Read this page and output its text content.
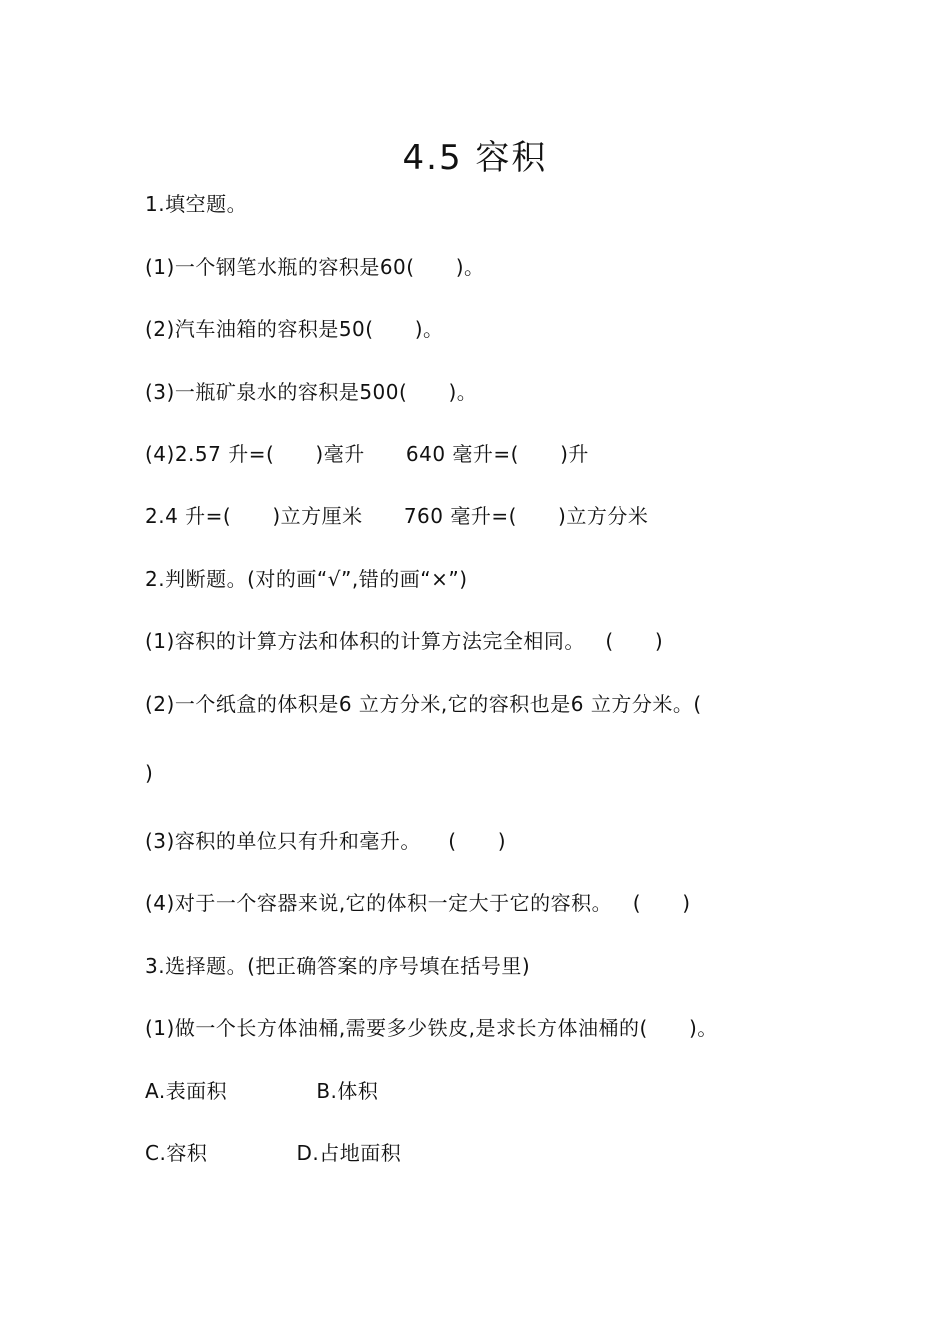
4.5 容积
1.填空题。
(1)一个钢笔水瓶的容积是60(      )。
(2)汽车油箱的容积是50(      )。
(3)一瓶矿泉水的容积是500(      )。
(4)2.57 升=(      )毫升      640 毫升=(      )升
2.4 升=(      )立方厘米      760 毫升=(      )立方分米
2.判断题。(对的画“√”,错的画“×”)
(1)容积的计算方法和体积的计算方法完全相同。   (      )
(2)一个纸盒的体积是6 立方分米,它的容积也是6 立方分米。(
)
(3)容积的单位只有升和毫升。    (      )
(4)对于一个容器来说,它的体积一定大于它的容积。   (      )
3.选择题。(把正确答案的序号填在括号里)
(1)做一个长方体油桶,需要多少铁皮,是求长方体油桶的(      )。
A.表面积             B.体积
C.容积             D.占地面积
